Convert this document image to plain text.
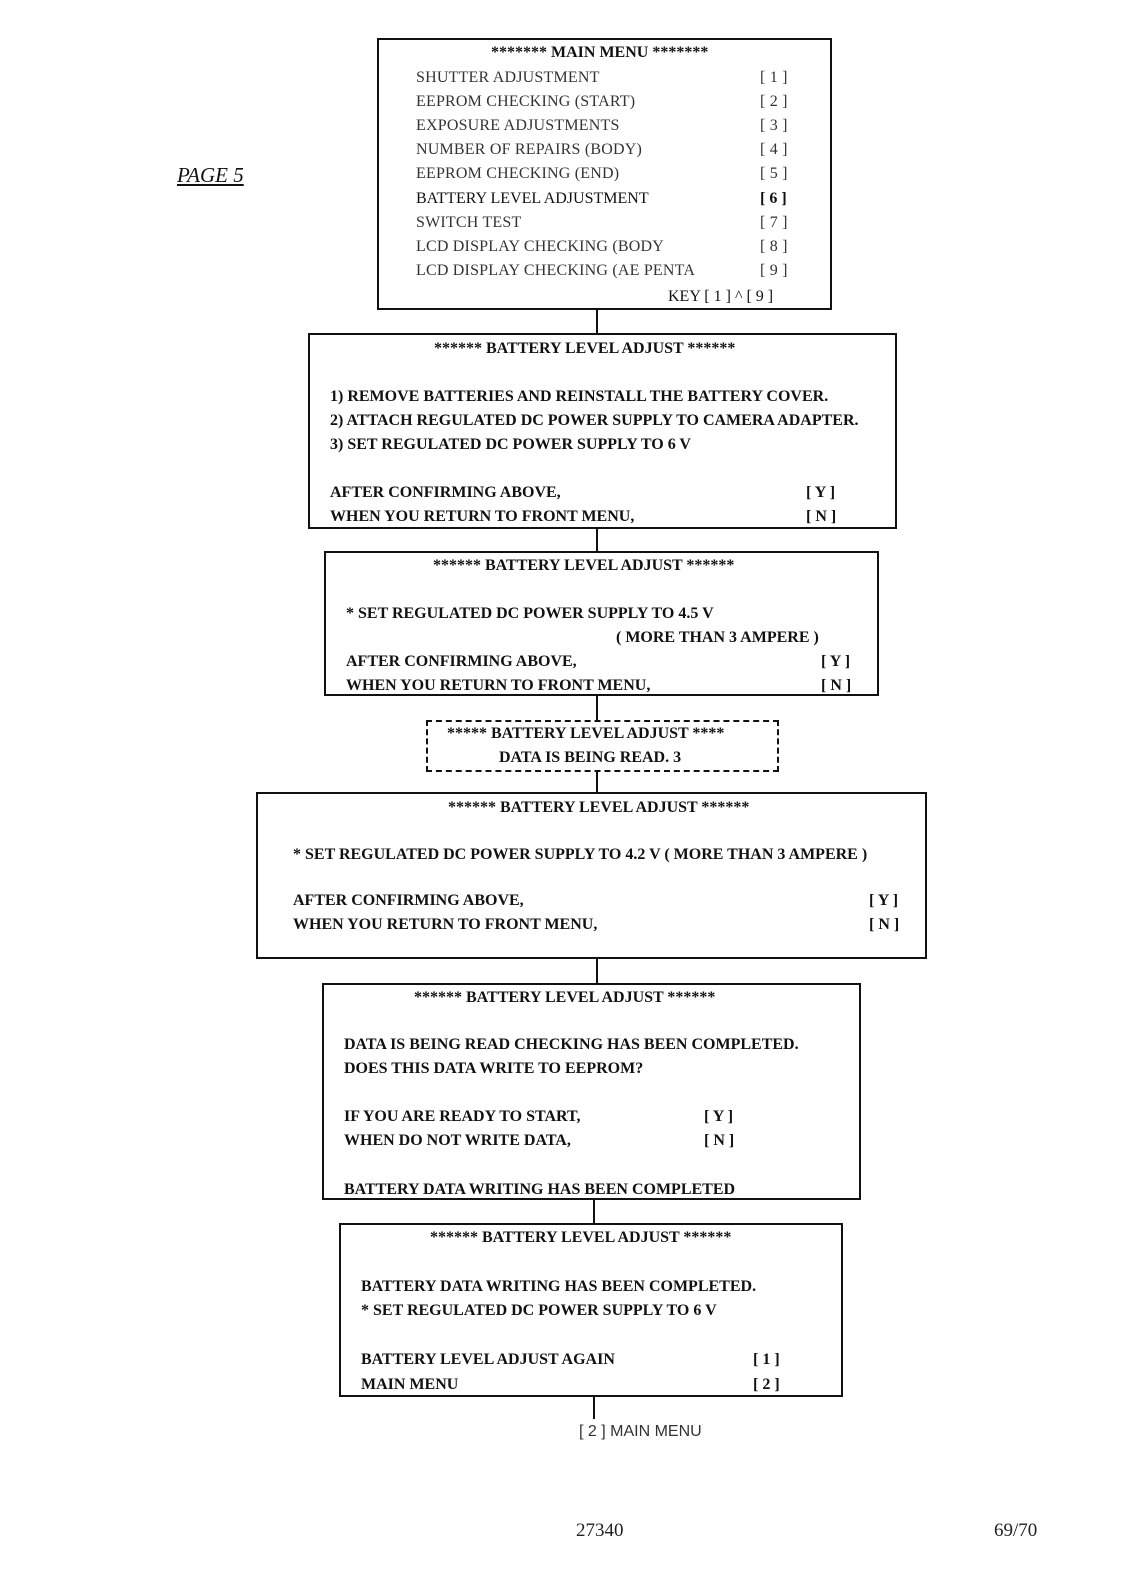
PAGE 5
******* MAIN MENU *******
SHUTTER ADJUSTMENT	[ 1 ]
EEPROM CHECKING (START)	[ 2 ]
EXPOSURE ADJUSTMENTS	[ 3 ]
NUMBER OF REPAIRS (BODY)	[ 4 ]
EEPROM CHECKING (END)	[ 5 ]
BATTERY LEVEL ADJUSTMENT	[ 6 ]
SWITCH TEST	[ 7 ]
LCD DISPLAY CHECKING (BODY	[ 8 ]
LCD DISPLAY CHECKING (AE PENTA	[ 9 ]
KEY [ 1 ] ^ [ 9 ]
****** BATTERY LEVEL ADJUST ******
1) REMOVE BATTERIES AND REINSTALL THE BATTERY COVER.
2) ATTACH REGULATED DC POWER SUPPLY TO CAMERA ADAPTER.
3) SET REGULATED DC POWER SUPPLY TO 6 V
AFTER CONFIRMING ABOVE,	[ Y ]
WHEN YOU RETURN TO FRONT MENU,	[ N ]
****** BATTERY LEVEL ADJUST ******
* SET REGULATED DC POWER SUPPLY TO 4.5 V
( MORE THAN 3 AMPERE )
AFTER CONFIRMING ABOVE,	[ Y ]
WHEN YOU RETURN TO FRONT MENU,	[ N ]
***** BATTERY LEVEL ADJUST ****
DATA IS BEING READ. 3
****** BATTERY LEVEL ADJUST ******
* SET REGULATED DC POWER SUPPLY TO 4.2 V ( MORE THAN 3 AMPERE )
AFTER CONFIRMING ABOVE,	[ Y ]
WHEN YOU RETURN TO FRONT MENU,	[ N ]
****** BATTERY LEVEL ADJUST ******
DATA IS BEING READ CHECKING HAS BEEN COMPLETED.
DOES THIS DATA WRITE TO EEPROM?
IF YOU ARE READY TO START,	[ Y ]
WHEN DO NOT WRITE DATA,	[ N ]
BATTERY DATA WRITING HAS BEEN COMPLETED
****** BATTERY LEVEL ADJUST ******
BATTERY DATA WRITING HAS BEEN COMPLETED.
* SET REGULATED DC POWER SUPPLY TO 6 V
BATTERY LEVEL ADJUST AGAIN	[ 1 ]
MAIN MENU	[ 2 ]
[ 2 ] MAIN MENU
27340	69/70
